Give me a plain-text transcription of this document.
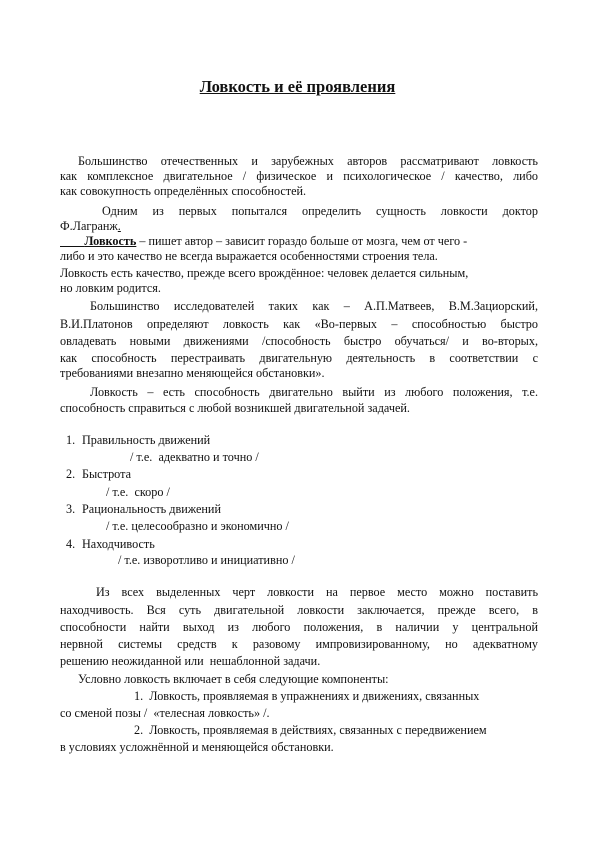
Ловкость и её проявления
Большинство отечественных и зарубежных авторов рассматривают ловкость
как комплексное двигательное / физическое и психологическое / качество, либо
как совокупность определённых способностей.
Одним из первых попытался определить сущность ловкости доктор
Ф.Лагранж.
Ловкость – пишет автор – зависит гораздо больше от мозга, чем от чего -
либо и это качество не всегда выражается особенностями строения тела.
Ловкость есть качество, прежде всего врождённое: человек делается сильным,
но ловким родится.
Большинство исследователей таких как – А.П.Матвеев, В.М.Зациорский,
В.И.Платонов определяют ловкость как «Во-первых – способностью быстро
овладевать новыми движениями /способность быстро обучаться/ и во-вторых,
как способность перестраивать двигательную деятельность в соответствии с
требованиями внезапно меняющейся обстановки».
Ловкость – есть способность двигательно выйти из любого положения, т.е.
способность справиться с любой возникшей двигательной задачей.
1. Правильность движений
/ т.е.  адекватно и точно /
2. Быстрота
/ т.е.  скоро /
3. Рациональность движений
/ т.е. целесообразно и экономично /
4. Находчивость
/ т.е. изворотливо и инициативно /
Из всех выделенных черт ловкости на первое место можно поставить
находчивость. Вся суть двигательной ловкости заключается, прежде всего, в
способности найти выход из любого положения, в наличии у центральной
нервной системы средств к разовому импровизированному, но адекватному
решению неожиданной или  нешаблонной задачи.
Условно ловкость включает в себя следующие компоненты:
1.  Ловкость, проявляемая в упражнениях и движениях, связанных
со сменой позы /  «телесная ловкость» /.
2.  Ловкость, проявляемая в действиях, связанных с передвижением
в условиях усложнённой и меняющейся обстановки.
